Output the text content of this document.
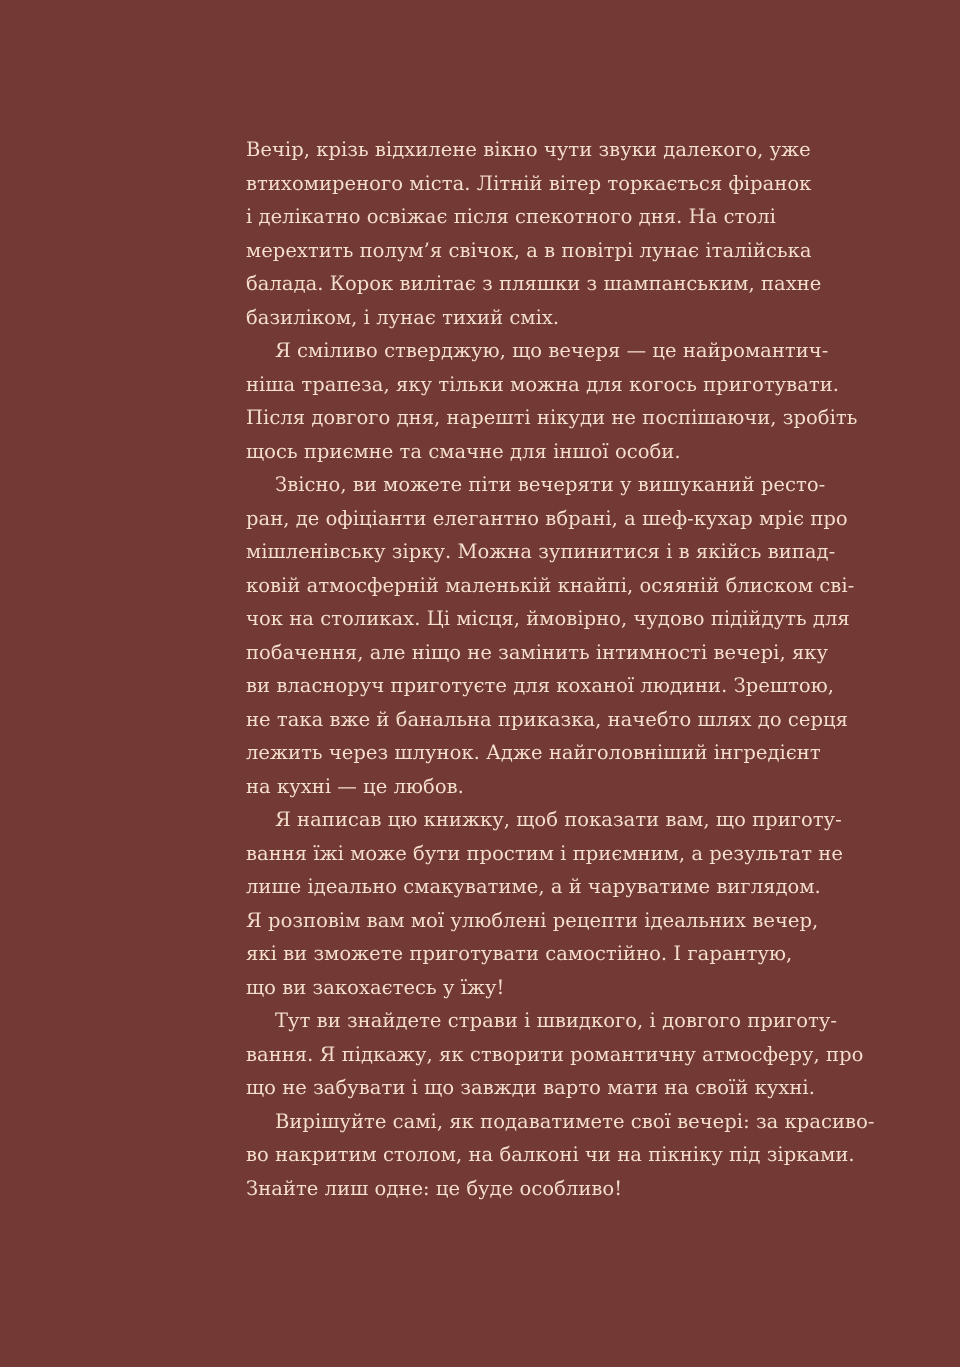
Вечір, крізь відхилене вікно чути звуки далекого, уже
втихомиреного міста. Літній вітер торкається фіранок
і делікатно освіжає після спекотного дня. На столі
мерехтить полум’я свічок, а в повітрі лунає італійська
балада. Корок вилітає з пляшки з шампанським, пахне
базиліком, і лунає тихий сміх.
Я сміливо стверджую, що вечеря — це найромантич-
ніша трапеза, яку тільки можна для когось приготувати.
Після довгого дня, нарешті нікуди не поспішаючи, зробіть
щось приємне та смачне для іншої особи.
Звісно, ви можете піти вечеряти у вишуканий ресто-
ран, де офіціанти елегантно вбрані, а шеф-кухар мріє про
мішленівську зірку. Можна зупинитися і в якійсь випад-
ковій атмосферній маленькій кнайпі, осяяній блиском сві-
чок на столиках. Ці місця, ймовірно, чудово підійдуть для
побачення, але ніщо не замінить інтимності вечері, яку
ви власноруч приготуєте для коханої людини. Зрештою,
не така вже й банальна приказка, начебто шлях до серця
лежить через шлунок. Адже найголовніший інгредієнт
на кухні — це любов.
Я написав цю книжку, щоб показати вам, що приготу-
вання їжі може бути простим і приємним, а результат не
лише ідеально смакуватиме, а й чаруватиме виглядом.
Я розповім вам мої улюблені рецепти ідеальних вечер,
які ви зможете приготувати самостійно. І гарантую,
що ви закохаєтесь у їжу!
Тут ви знайдете страви і швидкого, і довгого приготу-
вання. Я підкажу, як створити романтичну атмосферу, про
що не забувати і що завжди варто мати на своїй кухні.
Вирішуйте самі, як подаватимете свої вечері: за красиво-
во накритим столом, на балконі чи на пікніку під зірками.
Знайте лиш одне: це буде особливо!
